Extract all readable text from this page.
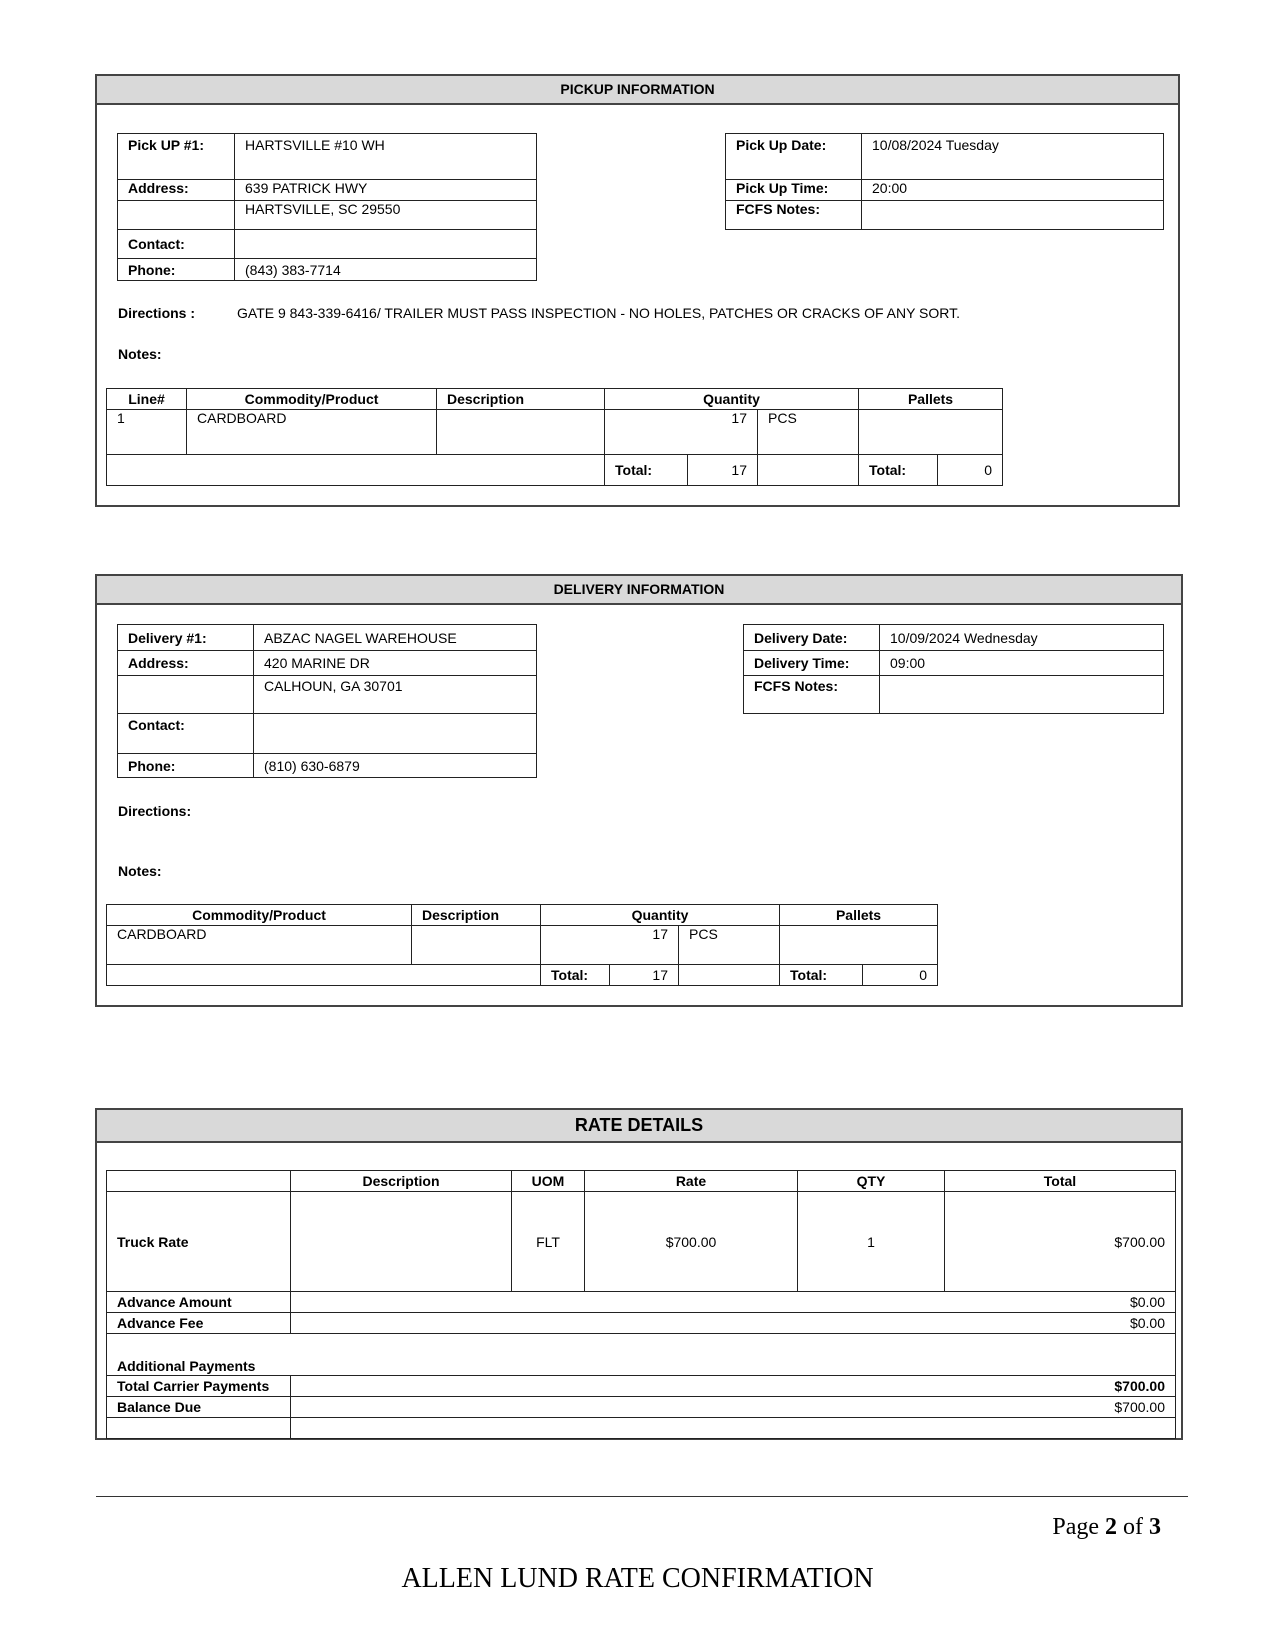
PICKUP INFORMATION
Pick UP #1:	HARTSVILLE #10 WH
Address:	639 PATRICK HWY
	HARTSVILLE, SC 29550
Contact:	
Phone:	(843) 383-7714
Pick Up Date:	10/08/2024 Tuesday
Pick Up Time:	20:00
FCFS Notes:	
Directions :	GATE 9 843-339-6416/ TRAILER MUST PASS INSPECTION - NO HOLES, PATCHES OR CRACKS OF ANY SORT.
Notes:
Line#	Commodity/Product	Description	Quantity			Pallets	
1	CARDBOARD		17		PCS		
			Total:	17		Total:	0
DELIVERY INFORMATION
Delivery #1:	ABZAC NAGEL WAREHOUSE
Address:	420 MARINE DR
	CALHOUN, GA 30701
Contact:	
Phone:	(810) 630-6879
Delivery Date:	10/09/2024 Wednesday
Delivery Time:	09:00
FCFS Notes:	
Directions:
Notes:
Commodity/Product	Description	Quantity			Pallets	
CARDBOARD		17		PCS		
		Total:	17		Total:	0
RATE DETAILS
	Description	UOM	Rate	QTY	Total
Truck Rate		FLT	$700.00	1	$700.00
Advance Amount	$0.00				
Advance Fee	$0.00				
Additional Payments					
Total Carrier Payments	$700.00				
Balance Due	$700.00				

Page 2 of 3
ALLEN LUND RATE CONFIRMATION
